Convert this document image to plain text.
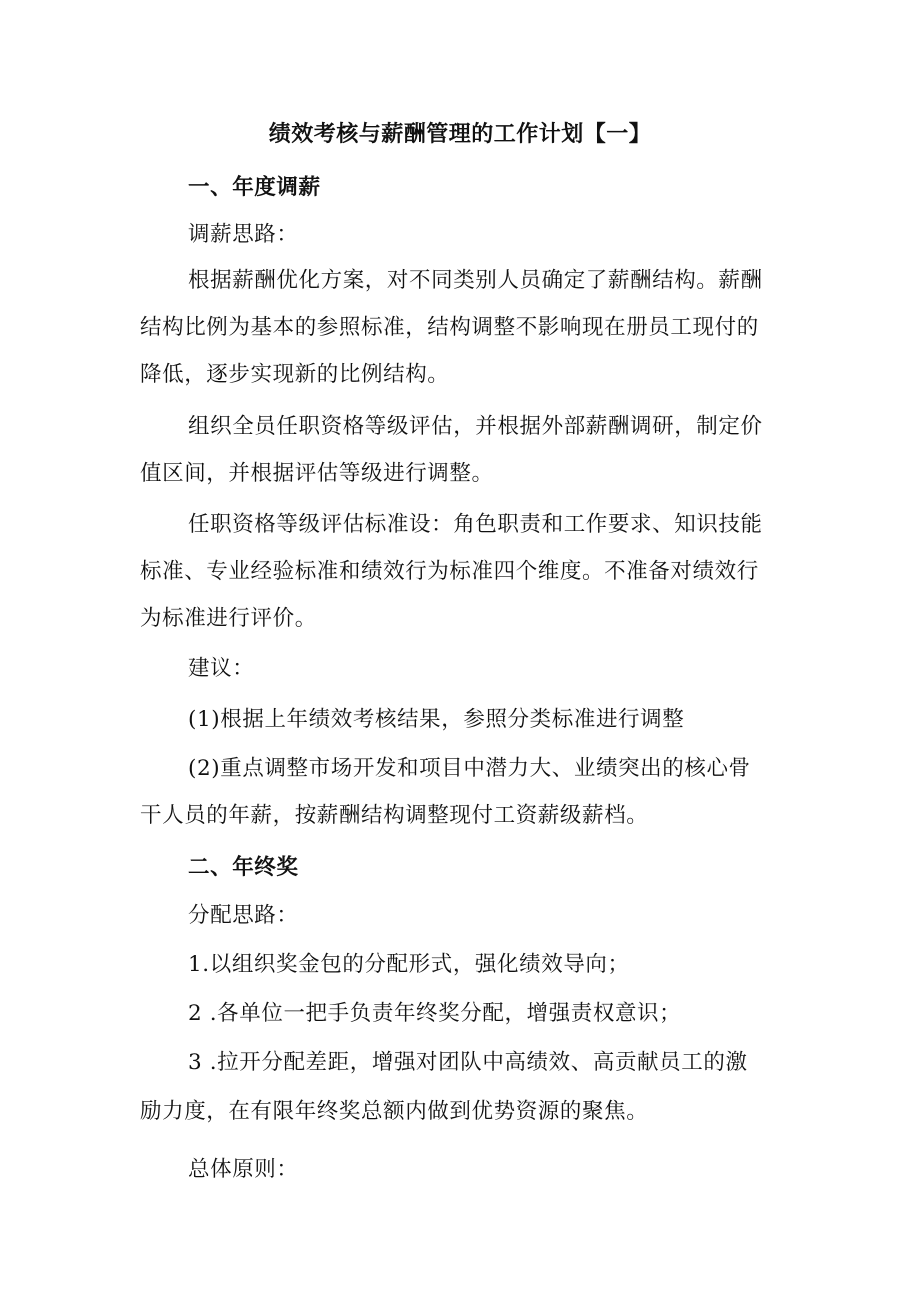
绩效考核与薪酬管理的工作计划【一】
一、年度调薪
调薪思路：
根据薪酬优化方案，对不同类别人员确定了薪酬结构。薪酬
结构比例为基本的参照标准，结构调整不影响现在册员工现付的
降低，逐步实现新的比例结构。
组织全员任职资格等级评估，并根据外部薪酬调研，制定价
值区间，并根据评估等级进行调整。
任职资格等级评估标准设：角色职责和工作要求、知识技能
标准、专业经验标准和绩效行为标准四个维度。不准备对绩效行
为标准进行评价。
建议：
(1)根据上年绩效考核结果，参照分类标准进行调整
(2)重点调整市场开发和项目中潜力大、业绩突出的核心骨
干人员的年薪，按薪酬结构调整现付工资薪级薪档。
二、年终奖
分配思路：
1.以组织奖金包的分配形式，强化绩效导向；
2 .各单位一把手负责年终奖分配，增强责权意识；
3 .拉开分配差距，增强对团队中高绩效、高贡献员工的激
励力度，在有限年终奖总额内做到优势资源的聚焦。
总体原则：
